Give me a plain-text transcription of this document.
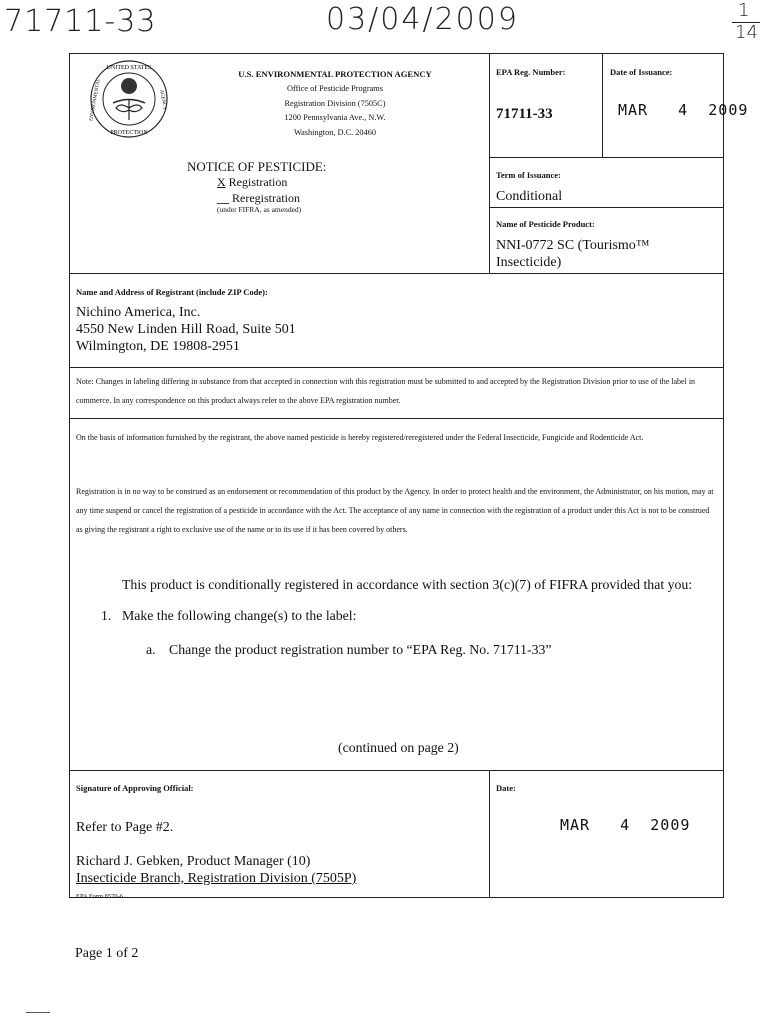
71711-33	03/04/2009	1
14
UNITED STATES
ENVIRONMENTAL	AGENCY
PROTECTION
U.S. ENVIRONMENTAL PROTECTION AGENCY
Office of Pesticide Programs
Registration Division (7505C)
1200 Pennsylvania Ave., N.W.
Washington, D.C. 20460
NOTICE OF PESTICIDE:
X Registration
__ Reregistration
(under FIFRA, as amended)
EPA Reg. Number:
71711-33
Date of Issuance:
MAR   4  2009
Term of Issuance:
Conditional
Name of Pesticide Product:
NNI-0772 SC (Tourismo™
Insecticide)
Name and Address of Registrant (include ZIP Code):
Nichino America, Inc.
4550 New Linden Hill Road, Suite 501
Wilmington, DE 19808-2951
Note: Changes in labeling differing in substance from that accepted in connection with this registration must be submitted to and accepted by the Registration Division prior to use of the label in commerce. In any correspondence on this product always refer to the above EPA registration number.
On the basis of information furnished by the registrant, the above named pesticide is hereby registered/reregistered under the Federal Insecticide, Fungicide and Rodenticide Act.
Registration is in no way to be construed as an endorsement or recommendation of this product by the Agency. In order to protect health and the environment, the Administrator, on his motion, may at any time suspend or cancel the registration of a pesticide in accordance with the Act. The acceptance of any name in connection with the registration of a product under this Act is not to be construed as giving the registrant a right to exclusive use of the name or to its use if it has been covered by others.
This product is conditionally registered in accordance with section 3(c)(7) of FIFRA provided that you:
1. Make the following change(s) to the label:
a. Change the product registration number to “EPA Reg. No. 71711-33”
(continued on page 2)
Signature of Approving Official:
Refer to Page #2.
Richard J. Gebken, Product Manager (10)
Insecticide Branch, Registration Division (7505P)
Date:
MAR   4  2009
EPA Form 8570-6
Page 1 of 2
